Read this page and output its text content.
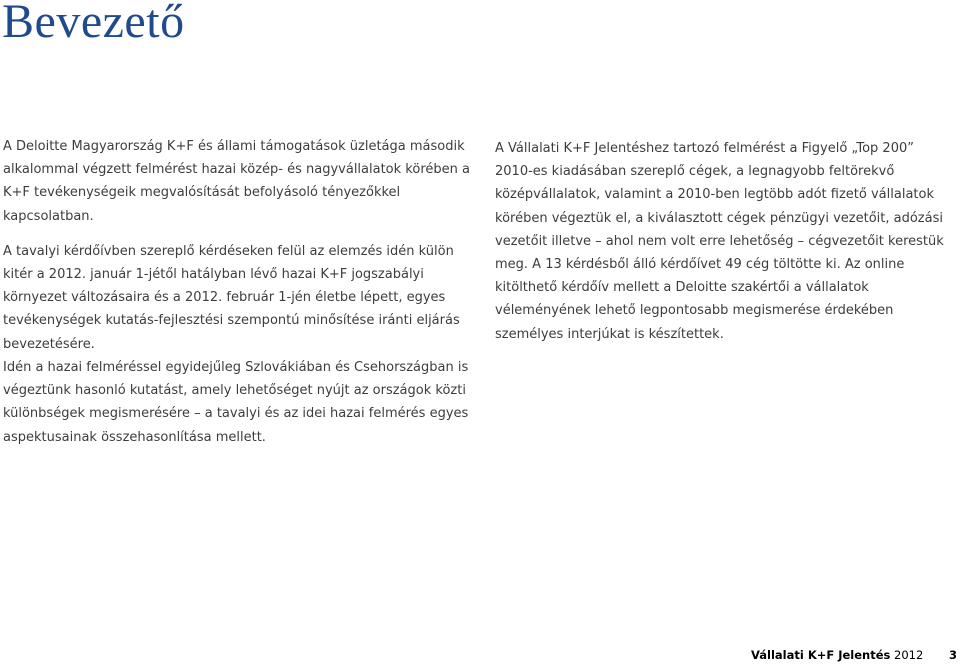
Bevezető

A Deloitte Magyarország K+F és állami támogatások üzletága második alkalommal végzett felmérést hazai közép- és nagyvállalatok körében a K+F tevékenységeik megvalósítását befolyásoló tényezőkkel kapcsolatban.

A tavalyi kérdőívben szereplő kérdéseken felül az elemzés idén külön kitér a 2012. január 1-jétől hatályban lévő hazai K+F jogszabályi környezet változásaira és a 2012. február 1-jén életbe lépett, egyes tevékenységek kutatás-fejlesztési szempontú minősítése iránti eljárás bevezetésére.

A Vállalati K+F Jelentéshez tartozó felmérést a Figyelő „Top 200” 2010-es kiadásában szereplő cégek, a legnagyobb feltörekvő középvállalatok, valamint a 2010-ben legtöbb adót fizető vállalatok körében végeztük el, a kiválasztott cégek pénzügyi vezetőit, adózási vezetőit illetve – ahol nem volt erre lehetőség – cégvezetőit kerestük meg. A 13 kérdésből álló kérdőívet 49 cég töltötte ki. Az online kitölthető kérdőív mellett a Deloitte szakértői a vállalatok véleményének lehető legpontosabb megismerése érdekében személyes interjúkat is készítettek.

Idén a hazai felméréssel egyidejűleg Szlovákiában és Csehországban is végeztünk hasonló kutatást, amely lehetőséget nyújt az országok közti különbségek megismerésére – a tavalyi és az idei hazai felmérés egyes aspektusainak összehasonlítása mellett.

Vállalati K+F Jelentés 2012 3
